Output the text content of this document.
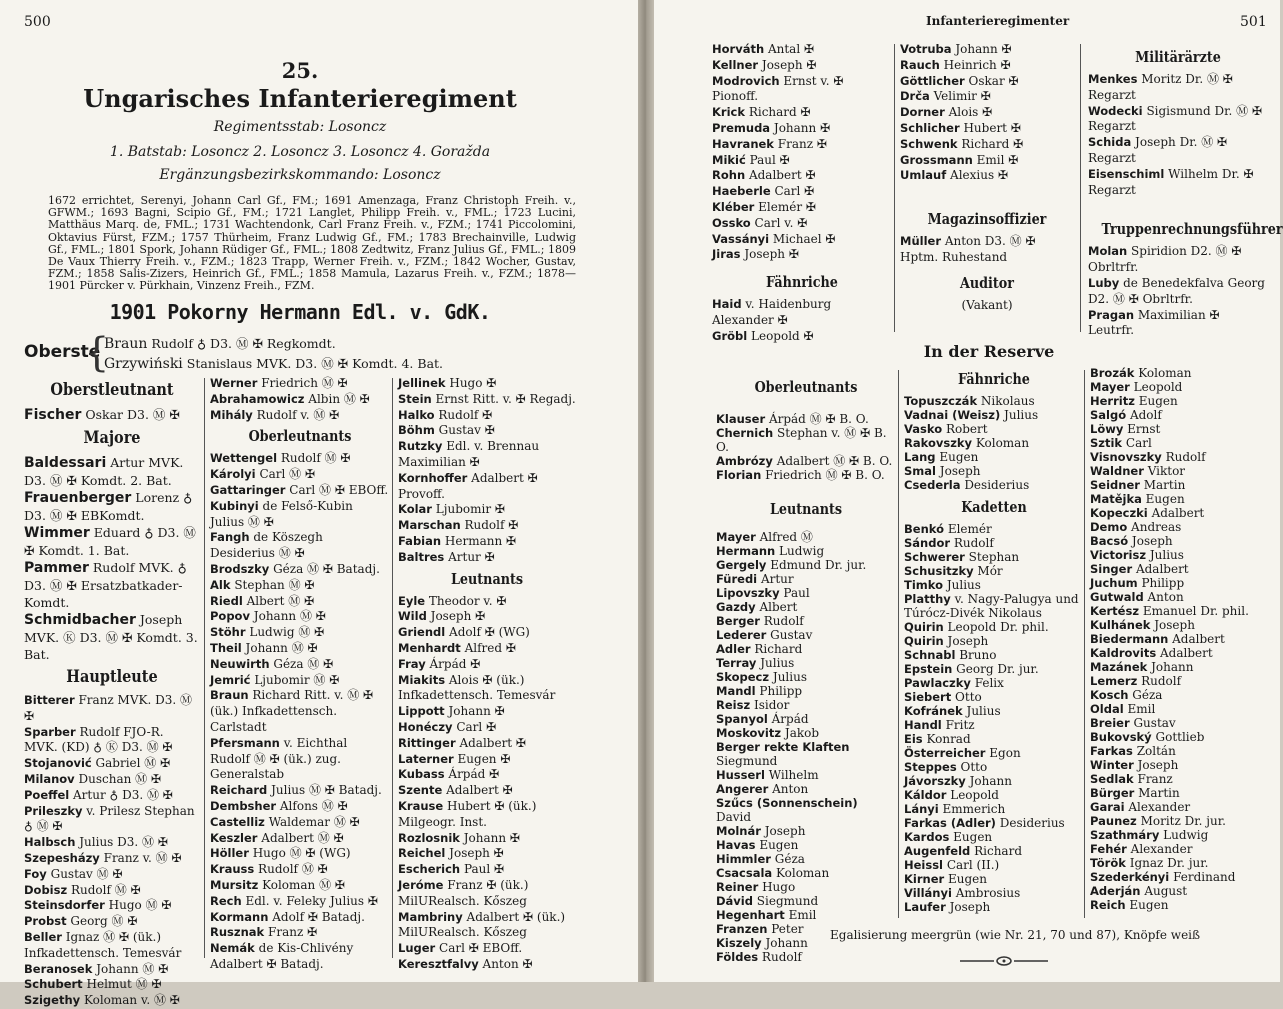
500
25.
Ungarisches Infanterieregiment
Regimentsstab: Losoncz
1. Batstab: Losoncz 2. Losoncz 3. Losoncz 4. Goražda
Ergänzungsbezirkskommando: Losoncz
1672 errichtet, Serenyi, Johann Carl Gf., FM.; 1691 Amenzaga, Franz Christoph Freih. v., GFWM.; 1693 Bagni, Scipio Gf., FM.; 1721 Langlet, Philipp Freih. v., FML.; 1723 Lucini, Matthäus Marq. de, FML.; 1731 Wachtendonk, Carl Franz Freih. v., FZM.; 1741 Piccolomini, Oktavius Fürst, FZM.; 1757 Thürheim, Franz Ludwig Gf., FM.; 1783 Brechainville, Ludwig Gf., FML.; 1801 Spork, Johann Rüdiger Gf., FML.; 1808 Zedtwitz, Franz Julius Gf., FML.; 1809 De Vaux Thierry Freih. v., FZM.; 1823 Trapp, Werner Freih. v., FZM.; 1842 Wocher, Gustav, FZM.; 1858 Salis-Zizers, Heinrich Gf., FML.; 1858 Mamula, Lazarus Freih. v., FZM.; 1878—1901 Pürcker v. Pürkhain, Vinzenz Freih., FZM.
1901 Pokorny Hermann Edl. v. GdK.
Oberste
{
Braun Rudolf ♁ D3. Ⓜ ✠ Regkomdt.
Grzywiński Stanislaus MVK. D3. Ⓜ ✠ Komdt. 4. Bat.
Oberstleutnant
Fischer Oskar D3. Ⓜ ✠
Majore
Baldessari Artur MVK. D3. Ⓜ ✠ Komdt. 2. Bat.
Frauenberger Lorenz ♁ D3. Ⓜ ✠ EBKomdt.
Wimmer Eduard ♁ D3. Ⓜ ✠ Komdt. 1. Bat.
Pammer Rudolf MVK. ♁ D3. Ⓜ ✠ Ersatzbatkader-Komdt.
Schmidbacher Joseph MVK. Ⓚ D3. Ⓜ ✠ Komdt. 3. Bat.
Hauptleute
Bitterer Franz MVK. D3. Ⓜ ✠
Sparber Rudolf FJO-R. MVK. (KD) ♁ Ⓚ D3. Ⓜ ✠
Stojanović Gabriel Ⓜ ✠
Milanov Duschan Ⓜ ✠
Poeffel Artur ♁ D3. Ⓜ ✠
Prileszky v. Prilesz Stephan ♁ Ⓜ ✠
Halbsch Julius D3. Ⓜ ✠
Szepesházy Franz v. Ⓜ ✠
Foy Gustav Ⓜ ✠
Dobisz Rudolf Ⓜ ✠
Steinsdorfer Hugo Ⓜ ✠
Probst Georg Ⓜ ✠
Beller Ignaz Ⓜ ✠ (ük.) Infkadettensch. Temesvár
Beranosek Johann Ⓜ ✠
Schubert Helmut Ⓜ ✠
Szigethy Koloman v. Ⓜ ✠
Werner Friedrich Ⓜ ✠
Abrahamowicz Albin Ⓜ ✠
Mihály Rudolf v. Ⓜ ✠
Oberleutnants
Wettengel Rudolf Ⓜ ✠
Károlyi Carl Ⓜ ✠
Gattaringer Carl Ⓜ ✠ EBOff.
Kubinyi de Felső-Kubin Julius Ⓜ ✠
Fangh de Köszegh Desiderius Ⓜ ✠
Brodszky Géza Ⓜ ✠ Batadj.
Alk Stephan Ⓜ ✠
Riedl Albert Ⓜ ✠
Popov Johann Ⓜ ✠
Stöhr Ludwig Ⓜ ✠
Theil Johann Ⓜ ✠
Neuwirth Géza Ⓜ ✠
Jemrić Ljubomir Ⓜ ✠
Braun Richard Ritt. v. Ⓜ ✠ (ük.) Infkadettensch. Carlstadt
Pfersmann v. Eichthal Rudolf Ⓜ ✠ (ük.) zug. Generalstab
Reichard Julius Ⓜ ✠ Batadj.
Dembsher Alfons Ⓜ ✠
Castelliz Waldemar Ⓜ ✠
Keszler Adalbert Ⓜ ✠
Höller Hugo Ⓜ ✠ (WG)
Krauss Rudolf Ⓜ ✠
Mursitz Koloman Ⓜ ✠
Rech Edl. v. Feleky Julius ✠
Kormann Adolf ✠ Batadj.
Rusznak Franz ✠
Nemák de Kis-Chlivény Adalbert ✠ Batadj.
Jellinek Hugo ✠
Stein Ernst Ritt. v. ✠ Regadj.
Halko Rudolf ✠
Böhm Gustav ✠
Rutzky Edl. v. Brennau Maximilian ✠
Kornhoffer Adalbert ✠ Provoff.
Kolar Ljubomir ✠
Marschan Rudolf ✠
Fabian Hermann ✠
Baltres Artur ✠
Leutnants
Eyle Theodor v. ✠
Wild Joseph ✠
Griendl Adolf ✠ (WG)
Menhardt Alfred ✠
Fray Árpád ✠
Miakits Alois ✠ (ük.) Infkadettensch. Temesvár
Lippott Johann ✠
Honéczy Carl ✠
Rittinger Adalbert ✠
Laterner Eugen ✠
Kubass Árpád ✠
Szente Adalbert ✠
Krause Hubert ✠ (ük.) Milgeogr. Inst.
Rozlosnik Johann ✠
Reichel Joseph ✠
Escherich Paul ✠
Jeróme Franz ✠ (ük.) MilURealsch. Kőszeg
Mambriny Adalbert ✠ (ük.) MilURealsch. Kőszeg
Luger Carl ✠ EBOff.
Keresztfalvy Anton ✠
Infanterieregimenter	501
Horváth Antal ✠
Kellner Joseph ✠
Modrovich Ernst v. ✠ Pionoff.
Krick Richard ✠
Premuda Johann ✠
Havranek Franz ✠
Mikić Paul ✠
Rohn Adalbert ✠
Haeberle Carl ✠
Kléber Elemér ✠
Ossko Carl v. ✠
Vassányi Michael ✠
Jiras Joseph ✠
Fähnriche
Haid v. Haidenburg Alexander ✠
Gröbl Leopold ✠
Votruba Johann ✠
Rauch Heinrich ✠
Göttlicher Oskar ✠
Drča Velimir ✠
Dorner Alois ✠
Schlicher Hubert ✠
Schwenk Richard ✠
Grossmann Emil ✠
Umlauf Alexius ✠
Magazinsoffizier
Müller Anton D3. Ⓜ ✠ Hptm. Ruhestand
Auditor
(Vakant)
Militärärzte
Menkes Moritz Dr. Ⓜ ✠ Regarzt
Wodecki Sigismund Dr. Ⓜ ✠ Regarzt
Schida Joseph Dr. Ⓜ ✠ Regarzt
Eisenschiml Wilhelm Dr. ✠ Regarzt
Truppenrechnungsführer
Molan Spiridion D2. Ⓜ ✠ Obrltrfr.
Luby de Benedekfalva Georg D2. Ⓜ ✠ Obrltrfr.
Pragan Maximilian ✠ Leutrfr.
In der Reserve
Oberleutnants
Klauser Árpád Ⓜ ✠ B. O.
Chernich Stephan v. Ⓜ ✠ B. O.
Ambrózy Adalbert Ⓜ ✠ B. O.
Florian Friedrich Ⓜ ✠ B. O.
Leutnants
Mayer Alfred Ⓜ
Hermann Ludwig
Gergely Edmund Dr. jur.
Füredi Artur
Lipovszky Paul
Gazdy Albert
Berger Rudolf
Lederer Gustav
Adler Richard
Terray Julius
Skopecz Julius
Mandl Philipp
Reisz Isidor
Spanyol Árpád
Moskovitz Jakob
Berger rekte Klaften Siegmund
Husserl Wilhelm
Angerer Anton
Szűcs (Sonnenschein) David
Molnár Joseph
Havas Eugen
Himmler Géza
Csacsala Koloman
Reiner Hugo
Dávid Siegmund
Hegenhart Emil
Franzen Peter
Kiszely Johann
Földes Rudolf
Fähnriche
Topuszczák Nikolaus
Vadnai (Weisz) Julius
Vasko Robert
Rakovszky Koloman
Lang Eugen
Smal Joseph
Csederla Desiderius
Kadetten
Benkó Elemér
Sándor Rudolf
Schwerer Stephan
Schusitzky Mór
Timko Julius
Platthy v. Nagy-Palugya und Túrócz-Divék Nikolaus
Quirin Leopold Dr. phil.
Quirin Joseph
Schnabl Bruno
Epstein Georg Dr. jur.
Pawlaczky Felix
Siebert Otto
Kofránek Julius
Handl Fritz
Eis Konrad
Österreicher Egon
Steppes Otto
Jávorszky Johann
Káldor Leopold
Lányi Emmerich
Farkas (Adler) Desiderius
Kardos Eugen
Augenfeld Richard
Heissl Carl (II.)
Kirner Eugen
Villányi Ambrosius
Laufer Joseph
Brozák Koloman
Mayer Leopold
Herritz Eugen
Salgó Adolf
Löwy Ernst
Sztik Carl
Visnovszky Rudolf
Waldner Viktor
Seidner Martin
Matějka Eugen
Kopeczki Adalbert
Demo Andreas
Bacsó Joseph
Victorisz Julius
Singer Adalbert
Juchum Philipp
Gutwald Anton
Kertész Emanuel Dr. phil.
Kulhánek Joseph
Biedermann Adalbert
Kaldrovits Adalbert
Mazánek Johann
Lemerz Rudolf
Kosch Géza
Oldal Emil
Breier Gustav
Bukovský Gottlieb
Farkas Zoltán
Winter Joseph
Sedlak Franz
Bürger Martin
Garai Alexander
Paunez Moritz Dr. jur.
Szathmáry Ludwig
Fehér Alexander
Török Ignaz Dr. jur.
Szederkényi Ferdinand
Aderján August
Reich Eugen
Egalisierung meergrün (wie Nr. 21, 70 und 87), Knöpfe weiß
